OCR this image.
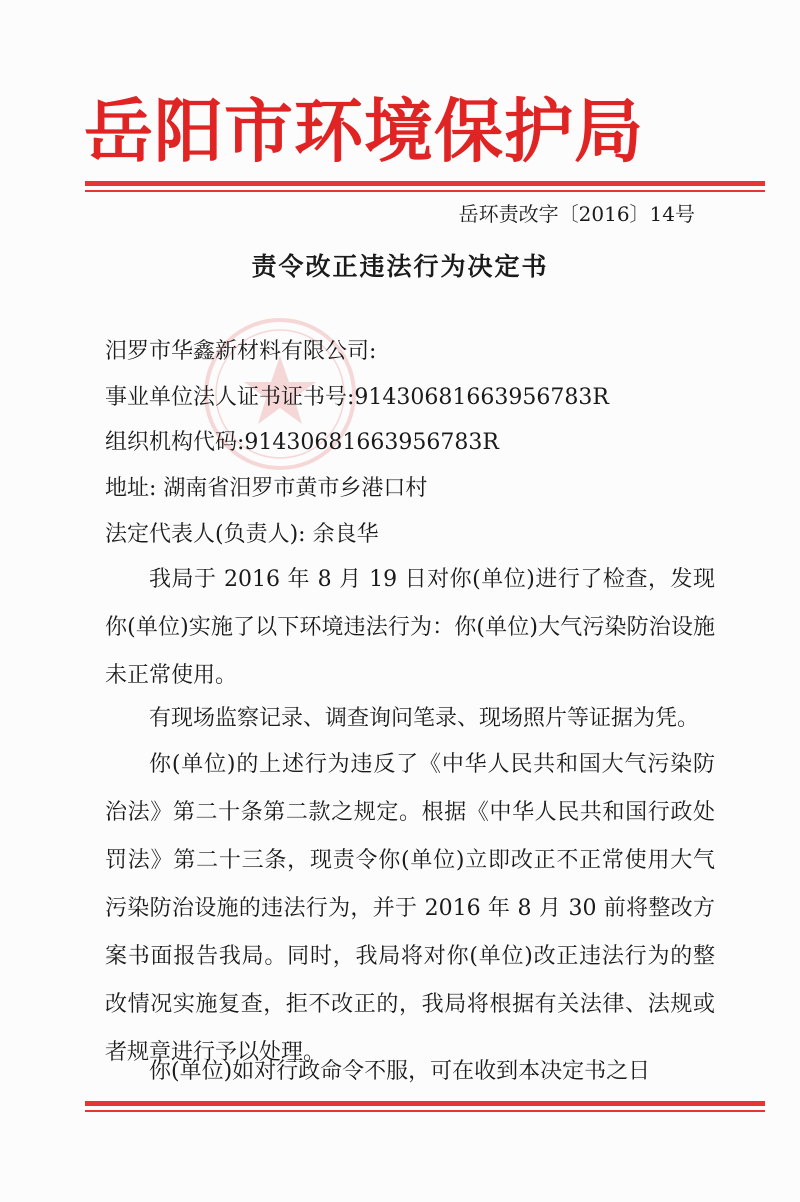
岳阳市环境保护局
岳环责改字〔2016〕14号
责令改正违法行为决定书
汨罗市华鑫新材料有限公司:
事业单位法人证书证书号:91430681663956783R
组织机构代码:91430681663956783R
地址: 湖南省汨罗市黄市乡港口村
法定代表人(负责人): 余良华
我局于 2016 年 8 月 19 日对你(单位)进行了检查，发现你(单位)实施了以下环境违法行为：你(单位)大气污染防治设施未正常使用。
有现场监察记录、调查询问笔录、现场照片等证据为凭。
你(单位)的上述行为违反了《中华人民共和国大气污染防治法》第二十条第二款之规定。根据《中华人民共和国行政处罚法》第二十三条，现责令你(单位)立即改正不正常使用大气污染防治设施的违法行为，并于 2016 年 8 月 30 前将整改方案书面报告我局。同时，我局将对你(单位)改正违法行为的整改情况实施复查，拒不改正的，我局将根据有关法律、法规或者规章进行予以处理。
你(单位)如对行政命令不服，可在收到本决定书之日
